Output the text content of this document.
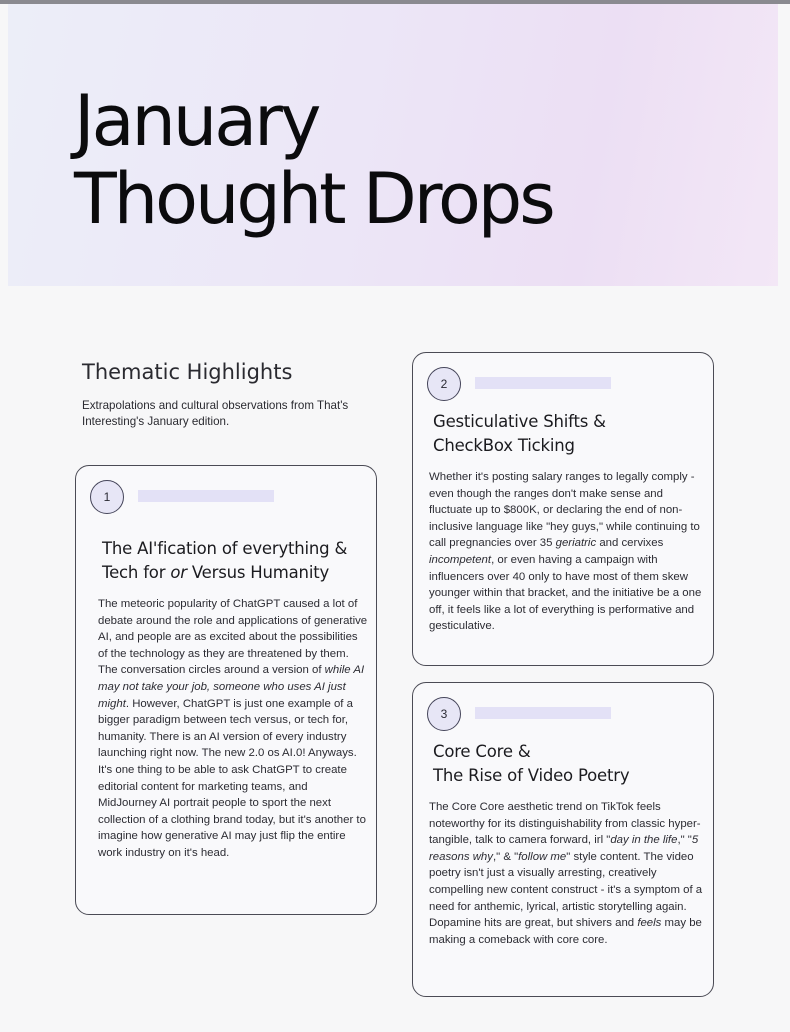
January
Thought Drops
Thematic Highlights

Extrapolations and cultural observations from That's Interesting's January edition.

1
The AI'fication of everything &
Tech for or Versus Humanity

The meteoric popularity of ChatGPT caused a lot of debate around the role and applications of generative AI, and people are as excited about the possibilities of the technology as they are threatened by them. The conversation circles around a version of while AI may not take your job, someone who uses AI just might. However, ChatGPT is just one example of a bigger paradigm between tech versus, or tech for, humanity. There is an AI version of every industry launching right now. The new 2.0 os AI.0! Anyways. It's one thing to be able to ask ChatGPT to create editorial content for marketing teams, and MidJourney AI portrait people to sport the next collection of a clothing brand today, but it's another to imagine how generative AI may just flip the entire work industry on it's head.

2
Gesticulative Shifts &
CheckBox Ticking

Whether it's posting salary ranges to legally comply - even though the ranges don't make sense and fluctuate up to $800K, or declaring the end of non-inclusive language like "hey guys," while continuing to call pregnancies over 35 geriatric and cervixes incompetent, or even having a campaign with influencers over 40 only to have most of them skew younger within that bracket, and the initiative be a one off, it feels like a lot of everything is performative and gesticulative.

3
Core Core &
The Rise of Video Poetry

The Core Core aesthetic trend on TikTok feels noteworthy for its distinguishability from classic hyper-tangible, talk to camera forward, irl "day in the life," "5 reasons why," & "follow me" style content. The video poetry isn't just a visually arresting, creatively compelling new content construct - it's a symptom of a need for anthemic, lyrical, artistic storytelling again. Dopamine hits are great, but shivers and feels may be making a comeback with core core.
